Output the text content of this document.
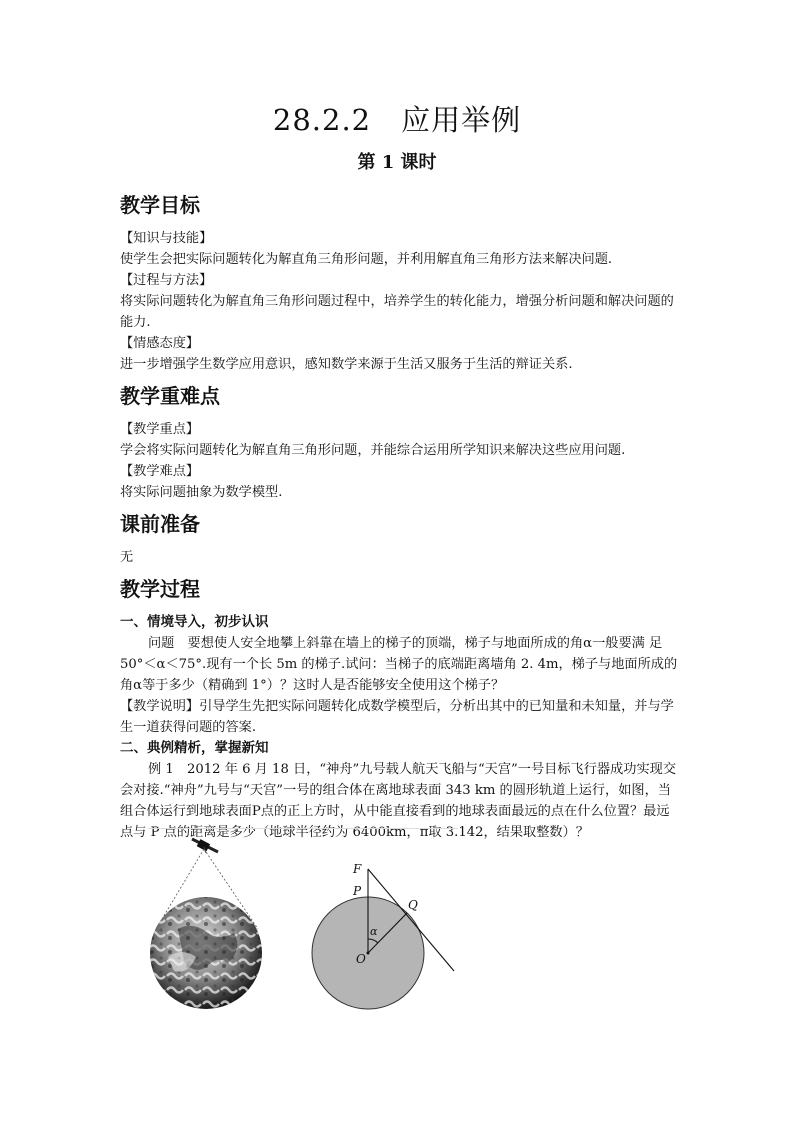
28.2.2　应用举例
第 1 课时
教学目标

【知识与技能】

使学生会把实际问题转化为解直角三角形问题，并利用解直角三角形方法来解决问题.

【过程与方法】

将实际问题转化为解直角三角形问题过程中，培养学生的转化能力，增强分析问题和解决问题的能力.

【情感态度】

进一步增强学生数学应用意识，感知数学来源于生活又服务于生活的辩证关系.

教学重难点

【教学重点】

学会将实际问题转化为解直角三角形问题，并能综合运用所学知识来解决这些应用问题.

【教学难点】

将实际问题抽象为数学模型.

课前准备

无

教学过程

一、情境导入，初步认识

问题　要想使人安全地攀上斜靠在墙上的梯子的顶端，梯子与地面所成的角α一般要满 足 50°＜α＜75°.现有一个长 5m 的梯子.试问：当梯子的底端距离墙角 2. 4m，梯子与地面所成的角α等于多少（精确到 1°）？这时人是否能够安全使用这个梯子？

【教学说明】引导学生先把实际问题转化成数学模型后，分析出其中的已知量和未知量，并与学生一道获得问题的答案.

二、典例精析，掌握新知

例 1　2012 年 6 月 18 日，“神舟”九号载人航天飞船与“天宫”一号目标飞行器成功实现交会对接.“神舟”九号与“天宫”一号的组合体在离地球表面 343 km 的圆形轨道上运行，如图，当组合体运行到地球表面P点的正上方时，从中能直接看到的地球表面最远的点在什么位置？最远点与 P 点的距离是多少（地球半径约为 6400km，π取 3.142，结果取整数）？

F
P
Q
O
α
